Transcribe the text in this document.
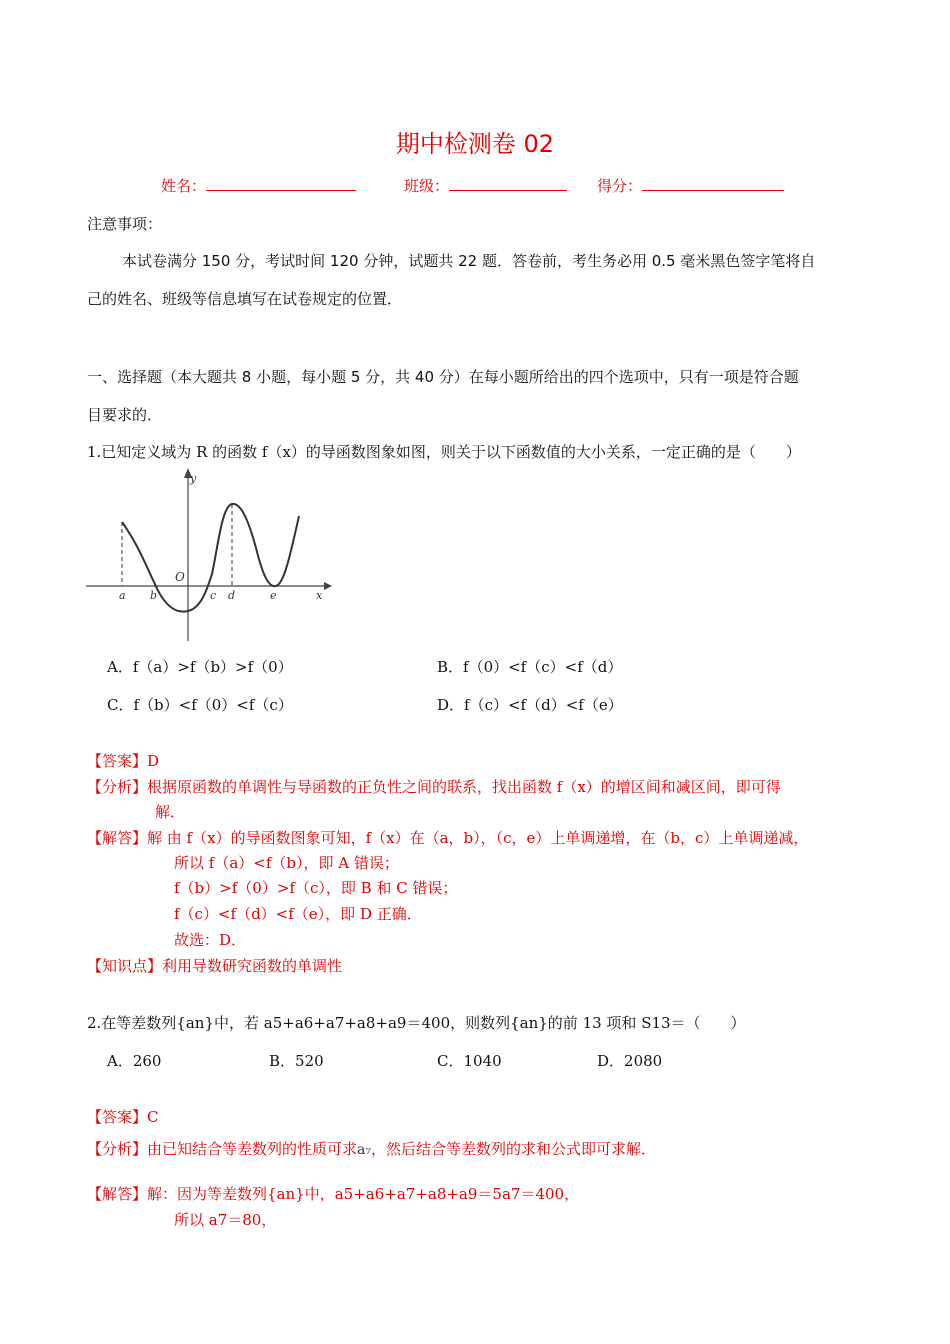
期中检测卷 02
姓名：	班级：	得分：
注意事项：
本试卷满分 150 分，考试时间 120 分钟，试题共 22 题．答卷前，考生务必用 0.5 毫米黑色签字笔将自
己的姓名、班级等信息填写在试卷规定的位置．
一、选择题（本大题共 8 小题，每小题 5 分，共 40 分）在每小题所给出的四个选项中，只有一项是符合题
目要求的．
1.已知定义域为 R 的函数 f（x）的导函数图象如图，则关于以下函数值的大小关系，一定正确的是（　　）
y
x
O
a b	c d	e
A．f（a）>f（b）>f（0）	B．f（0）<f（c）<f（d）
C．f（b）<f（0）<f（c）	D．f（c）<f（d）<f（e）
【答案】D
【分析】根据原函数的单调性与导函数的正负性之间的联系，找出函数 f（x）的增区间和减区间，即可得
解．
【解答】解 由 f（x）的导函数图象可知，f（x）在（a，b），（c，e）上单调递增，在（b，c）上单调递减，
所以 f（a）<f（b），即 A 错误；
f（b）>f（0）>f（c），即 B 和 C 错误；
f（c）<f（d）<f（e），即 D 正确．
故选：D．
【知识点】利用导数研究函数的单调性
2.在等差数列{an}中，若 a5+a6+a7+a8+a9＝400，则数列{an}的前 13 项和 S13＝（　　）
A．260	B．520	C．1040	D．2080
【答案】C
【分析】由已知结合等差数列的性质可求a₇，然后结合等差数列的求和公式即可求解．
【解答】解：因为等差数列{an}中，a5+a6+a7+a8+a9＝5a7＝400，
所以 a7＝80，
